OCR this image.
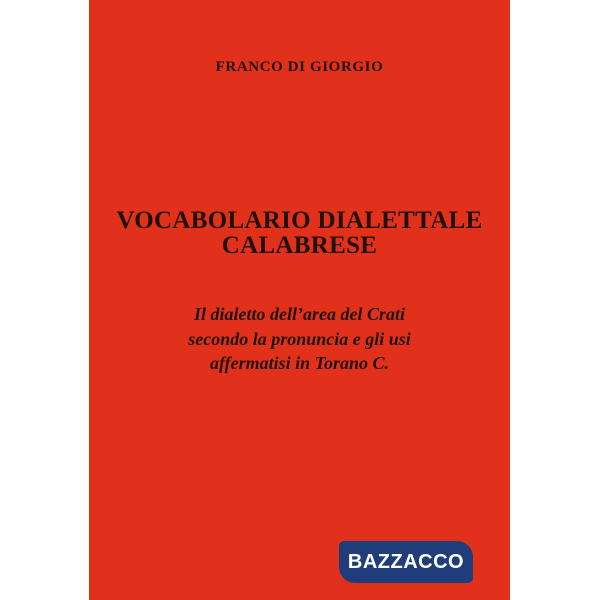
FRANCO DI GIORGIO
VOCABOLARIO DIALETTALE
CALABRESE
Il dialetto dell’area del Crati
secondo la pronuncia e gli usi
affermatisi in Torano C.
BAZZACCO
